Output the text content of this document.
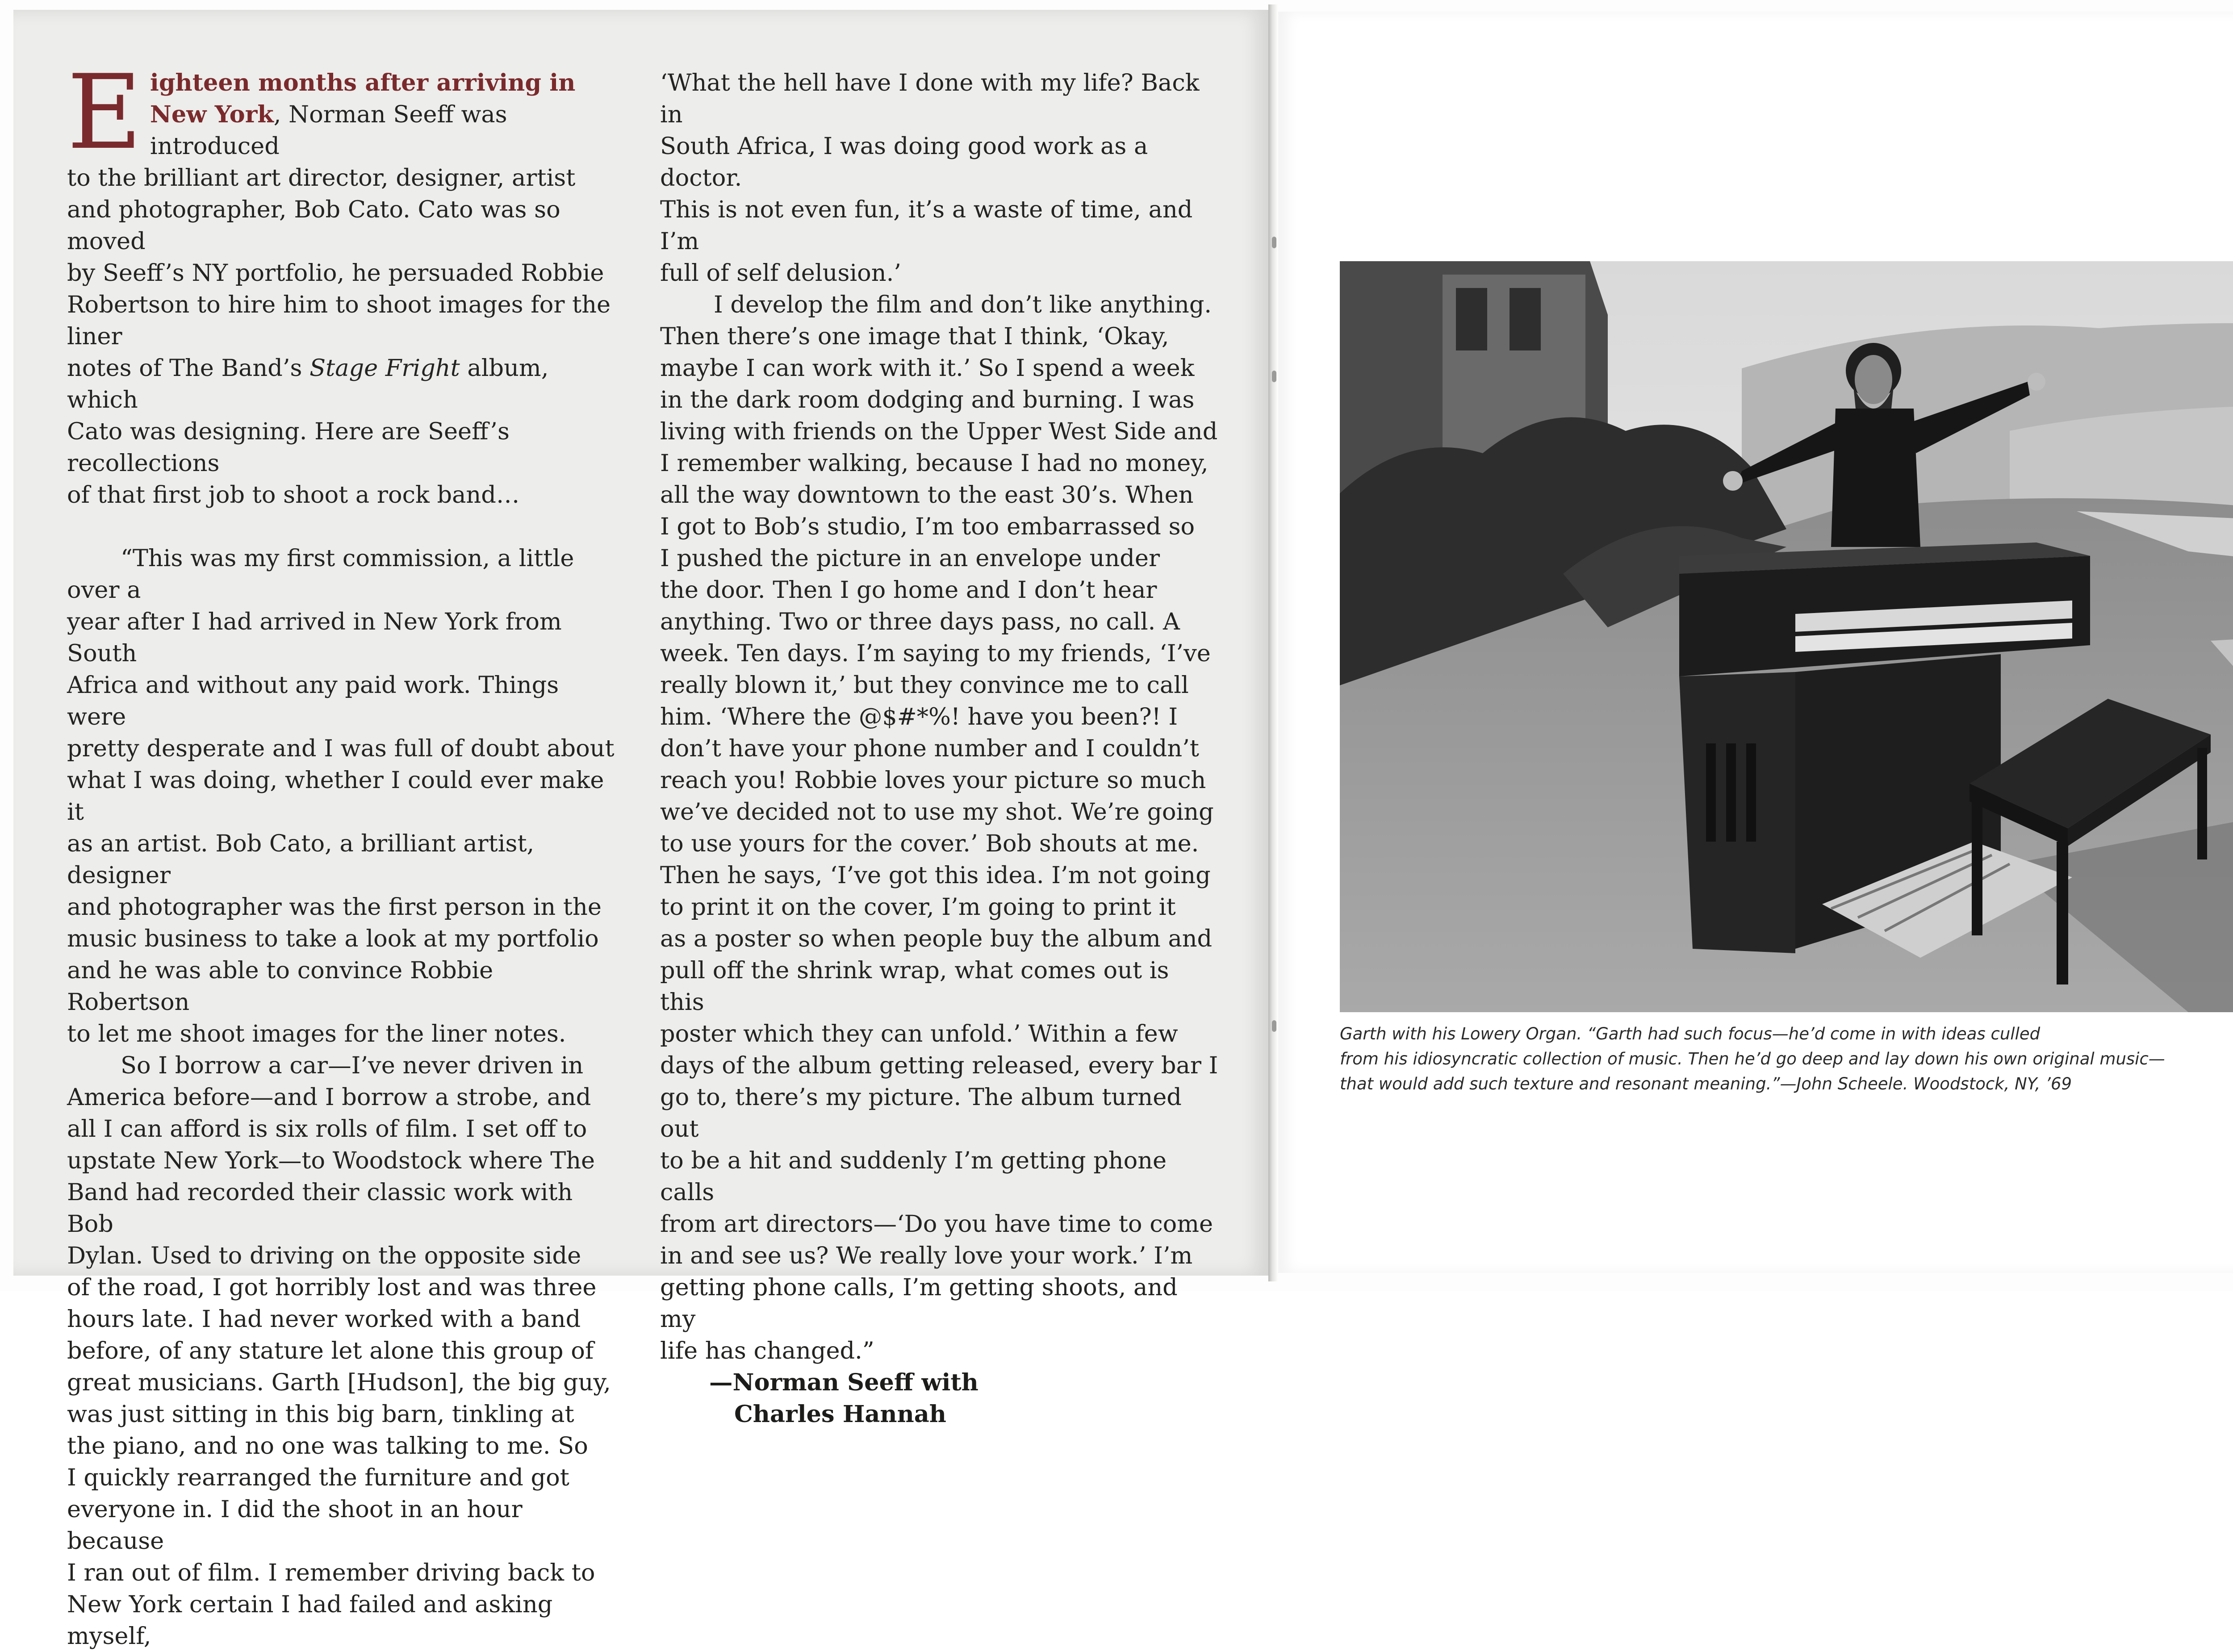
E ighteen months after arriving in
New York, Norman Seeff was introduced
to the brilliant art director, designer, artist
and photographer, Bob Cato. Cato was so moved
by Seeff’s NY portfolio, he persuaded Robbie
Robertson to hire him to shoot images for the liner
notes of The Band’s Stage Fright album, which
Cato was designing. Here are Seeff’s recollections
of that first job to shoot a rock band…

“This was my first commission, a little over a
year after I had arrived in New York from South
Africa and without any paid work. Things were
pretty desperate and I was full of doubt about
what I was doing, whether I could ever make it
as an artist. Bob Cato, a brilliant artist, designer
and photographer was the first person in the
music business to take a look at my portfolio
and he was able to convince Robbie Robertson
to let me shoot images for the liner notes.

So I borrow a car—I’ve never driven in
America before—and I borrow a strobe, and
all I can afford is six rolls of film. I set off to
upstate New York—to Woodstock where The
Band had recorded their classic work with Bob
Dylan. Used to driving on the opposite side
of the road, I got horribly lost and was three
hours late. I had never worked with a band
before, of any stature let alone this group of
great musicians. Garth [Hudson], the big guy,
was just sitting in this big barn, tinkling at
the piano, and no one was talking to me. So
I quickly rearranged the furniture and got
everyone in. I did the shoot in an hour because
I ran out of film. I remember driving back to
New York certain I had failed and asking myself,

‘What the hell have I done with my life? Back in
South Africa, I was doing good work as a doctor.
This is not even fun, it’s a waste of time, and I’m
full of self delusion.’

I develop the film and don’t like anything.
Then there’s one image that I think, ‘Okay,
maybe I can work with it.’ So I spend a week
in the dark room dodging and burning. I was
living with friends on the Upper West Side and
I remember walking, because I had no money,
all the way downtown to the east 30’s. When
I got to Bob’s studio, I’m too embarrassed so
I pushed the picture in an envelope under
the door. Then I go home and I don’t hear
anything. Two or three days pass, no call. A
week. Ten days. I’m saying to my friends, ‘I’ve
really blown it,’ but they convince me to call
him. ‘Where the @$#*%! have you been?! I
don’t have your phone number and I couldn’t
reach you! Robbie loves your picture so much
we’ve decided not to use my shot. We’re going
to use yours for the cover.’ Bob shouts at me.
Then he says, ‘I’ve got this idea. I’m not going
to print it on the cover, I’m going to print it
as a poster so when people buy the album and
pull off the shrink wrap, what comes out is this
poster which they can unfold.’ Within a few
days of the album getting released, every bar I
go to, there’s my picture. The album turned out
to be a hit and suddenly I’m getting phone calls
from art directors—‘Do you have time to come
in and see us? We really love your work.’ I’m
getting phone calls, I’m getting shoots, and my
life has changed.”

—Norman Seeff with
Charles Hannah
Garth with his Lowery Organ. “Garth had such focus—he’d come in with ideas culled
from his idiosyncratic collection of music. Then he’d go deep and lay down his own original music—
that would add such texture and resonant meaning.”—John Scheele. Woodstock, NY, ’69
